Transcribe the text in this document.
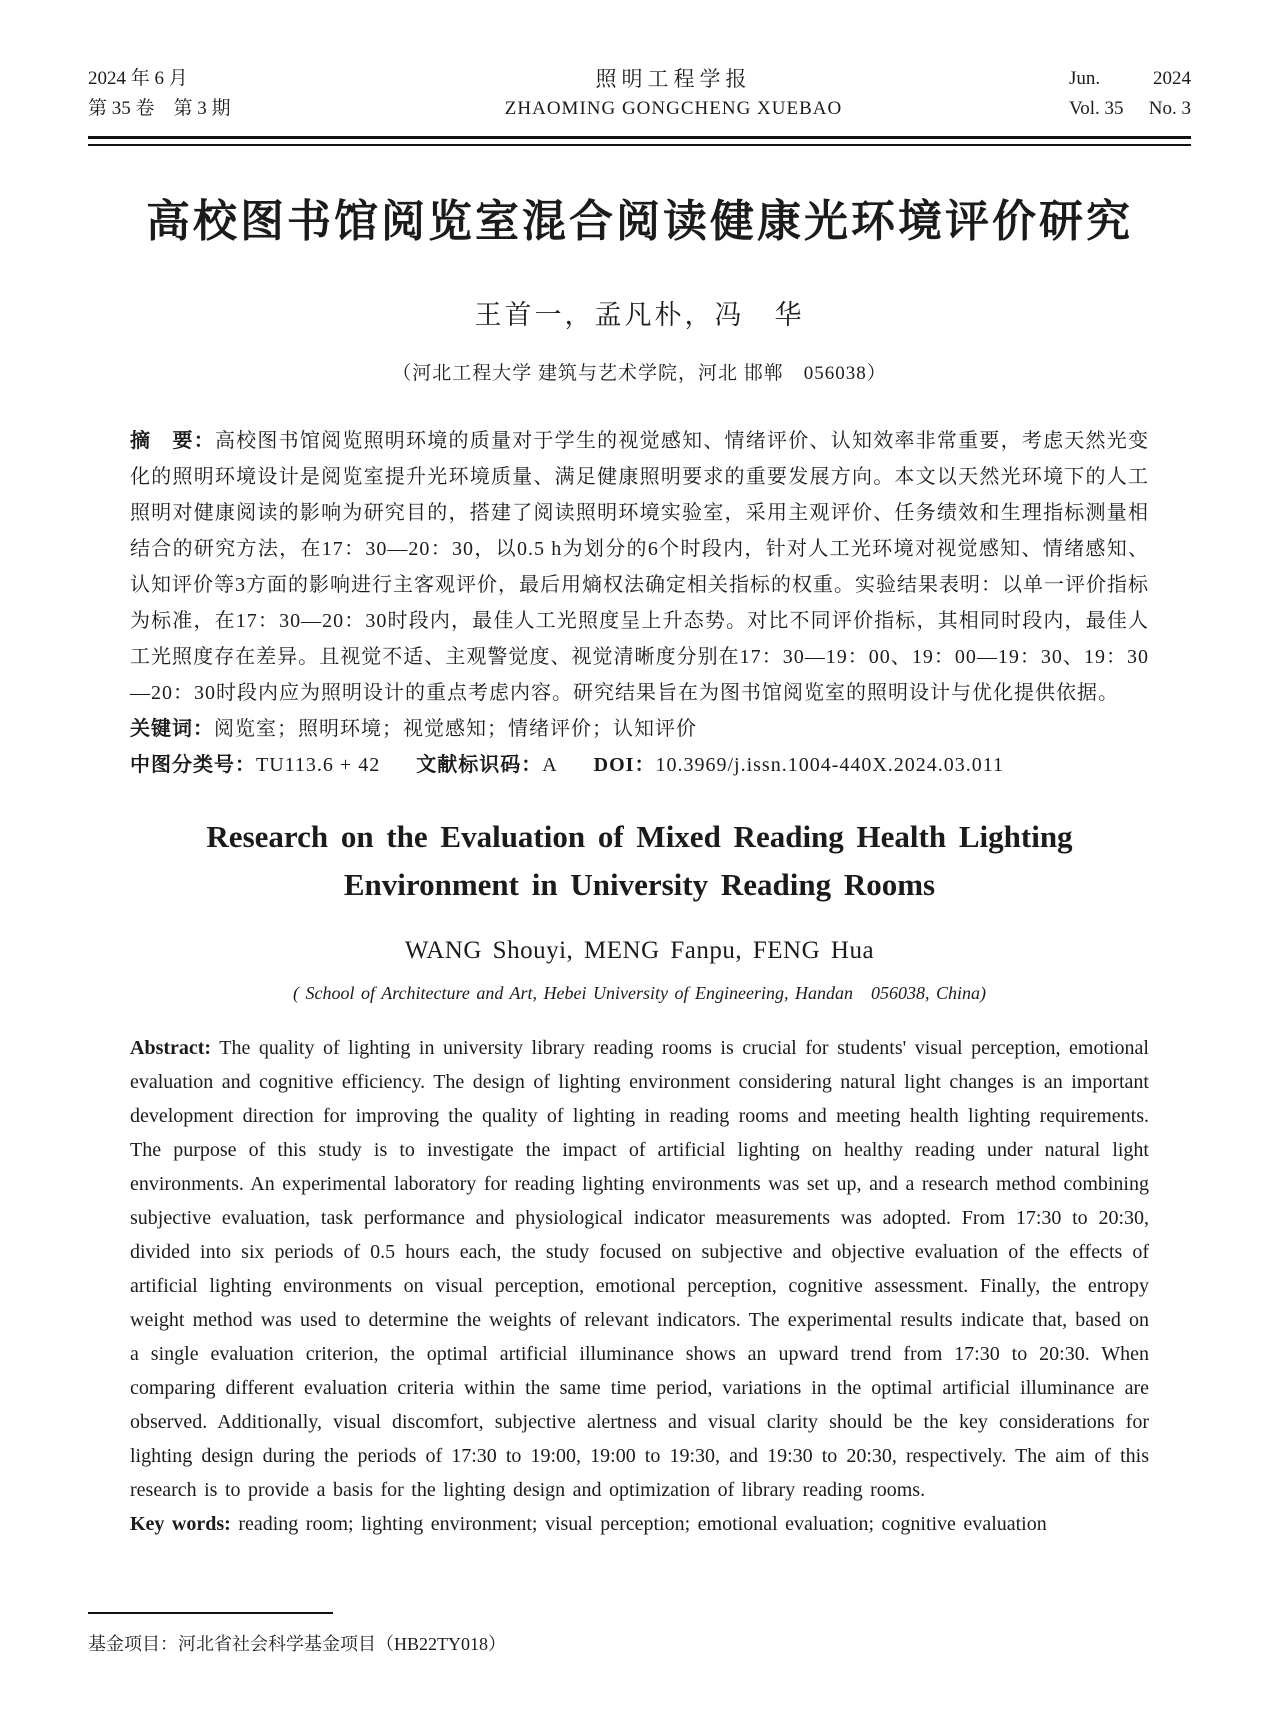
2024 年 6 月
第 35 卷　第 3 期
照明工程学报
ZHAOMING GONGCHENG XUEBAO
Jun.	2024
Vol. 35 No. 3
高校图书馆阅览室混合阅读健康光环境评价研究
王首一，孟凡朴，冯　华
（河北工程大学 建筑与艺术学院，河北 邯郸　056038）

摘　要：高校图书馆阅览照明环境的质量对于学生的视觉感知、情绪评价、认知效率非常重要，考虑天然光变化的照明环境设计是阅览室提升光环境质量、满足健康照明要求的重要发展方向。本文以天然光环境下的人工照明对健康阅读的影响为研究目的，搭建了阅读照明环境实验室，采用主观评价、任务绩效和生理指标测量相结合的研究方法，在17：30—20：30，以0.5 h为划分的6个时段内，针对人工光环境对视觉感知、情绪感知、认知评价等3方面的影响进行主客观评价，最后用熵权法确定相关指标的权重。实验结果表明：以单一评价指标为标准，在17：30—20：30时段内，最佳人工光照度呈上升态势。对比不同评价指标，其相同时段内，最佳人工光照度存在差异。且视觉不适、主观警觉度、视觉清晰度分别在17：30—19：00、19：00—19：30、19：30—20：30时段内应为照明设计的重点考虑内容。研究结果旨在为图书馆阅览室的照明设计与优化提供依据。

关键词：阅览室；照明环境；视觉感知；情绪评价；认知评价

中图分类号：TU113.6 + 42 文献标识码：A DOI：10.3969/j.issn.1004-440X.2024.03.011

Research on the Evaluation of Mixed Reading Health Lighting
Environment in University Reading Rooms
WANG Shouyi, MENG Fanpu, FENG Hua
( School of Architecture and Art, Hebei University of Engineering, Handan　056038, China)

Abstract: The quality of lighting in university library reading rooms is crucial for students' visual perception, emotional evaluation and cognitive efficiency. The design of lighting environment considering natural light changes is an important development direction for improving the quality of lighting in reading rooms and meeting health lighting requirements. The purpose of this study is to investigate the impact of artificial lighting on healthy reading under natural light environments. An experimental laboratory for reading lighting environments was set up, and a research method combining subjective evaluation, task performance and physiological indicator measurements was adopted. From 17:30 to 20:30, divided into six periods of 0.5 hours each, the study focused on subjective and objective evaluation of the effects of artificial lighting environments on visual perception, emotional perception, cognitive assessment. Finally, the entropy weight method was used to determine the weights of relevant indicators. The experimental results indicate that, based on a single evaluation criterion, the optimal artificial illuminance shows an upward trend from 17:30 to 20:30. When comparing different evaluation criteria within the same time period, variations in the optimal artificial illuminance are observed. Additionally, visual discomfort, subjective alertness and visual clarity should be the key considerations for lighting design during the periods of 17:30 to 19:00, 19:00 to 19:30, and 19:30 to 20:30, respectively. The aim of this research is to provide a basis for the lighting design and optimization of library reading rooms.

Key words: reading room; lighting environment; visual perception; emotional evaluation; cognitive evaluation

基金项目：河北省社会科学基金项目（HB22TY018）
